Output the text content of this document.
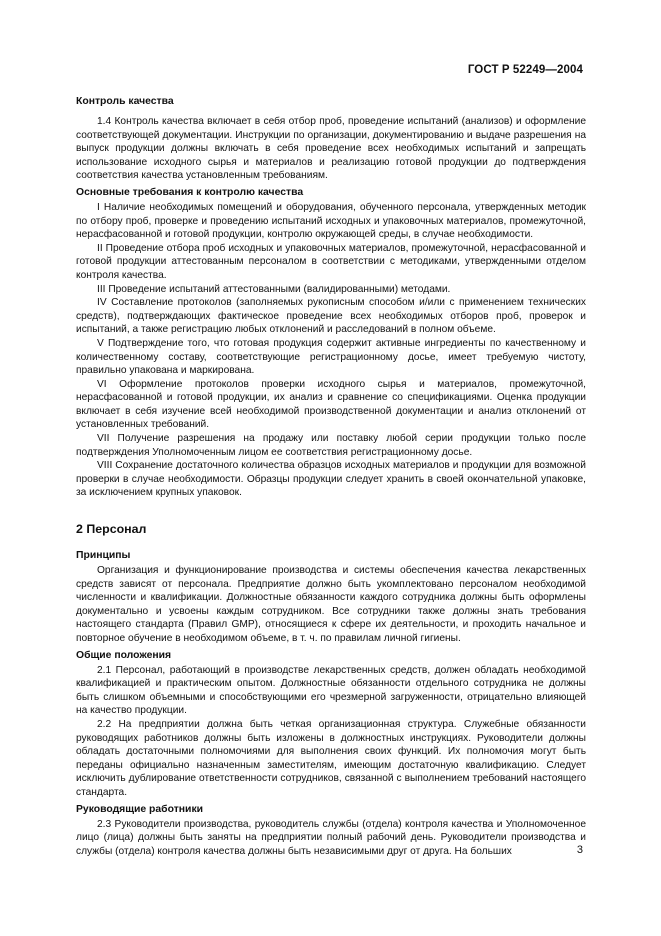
ГОСТ Р 52249—2004
Контроль качества

1.4 Контроль качества включает в себя отбор проб, проведение испытаний (анализов) и оформление соответствующей документации. Инструкции по организации, документированию и выдаче разрешения на выпуск продукции должны включать в себя проведение всех необходимых испытаний и запрещать использование исходного сырья и материалов и реализацию готовой продукции до подтверждения соответствия качества установленным требованиям.

Основные требования к контролю качества

I Наличие необходимых помещений и оборудования, обученного персонала, утвержденных методик по отбору проб, проверке и проведению испытаний исходных и упаковочных материалов, промежуточной, нерасфасованной и готовой продукции, контролю окружающей среды, в случае необходимости.

II Проведение отбора проб исходных и упаковочных материалов, промежуточной, нерасфасованной и готовой продукции аттестованным персоналом в соответствии с методиками, утвержденными отделом контроля качества.

III Проведение испытаний аттестованными (валидированными) методами.

IV Составление протоколов (заполняемых рукописным способом и/или с применением технических средств), подтверждающих фактическое проведение всех необходимых отборов проб, проверок и испытаний, а также регистрацию любых отклонений и расследований в полном объеме.

V Подтверждение того, что готовая продукция содержит активные ингредиенты по качественному и количественному составу, соответствующие регистрационному досье, имеет требуемую чистоту, правильно упакована и маркирована.

VI Оформление протоколов проверки исходного сырья и материалов, промежуточной, нерасфасованной и готовой продукции, их анализ и сравнение со спецификациями. Оценка продукции включает в себя изучение всей необходимой производственной документации и анализ отклонений от установленных требований.

VII Получение разрешения на продажу или поставку любой серии продукции только после подтверждения Уполномоченным лицом ее соответствия регистрационному досье.

VIII Сохранение достаточного количества образцов исходных материалов и продукции для возможной проверки в случае необходимости. Образцы продукции следует хранить в своей окончательной упаковке, за исключением крупных упаковок.

2 Персонал
Принципы

Организация и функционирование производства и системы обеспечения качества лекарственных средств зависят от персонала. Предприятие должно быть укомплектовано персоналом необходимой численности и квалификации. Должностные обязанности каждого сотрудника должны быть оформлены документально и усвоены каждым сотрудником. Все сотрудники также должны знать требования настоящего стандарта (Правил GMP), относящиеся к сфере их деятельности, и проходить начальное и повторное обучение в необходимом объеме, в т. ч. по правилам личной гигиены.

Общие положения

2.1 Персонал, работающий в производстве лекарственных средств, должен обладать необходимой квалификацией и практическим опытом. Должностные обязанности отдельного сотрудника не должны быть слишком объемными и способствующими его чрезмерной загруженности, отрицательно влияющей на качество продукции.

2.2 На предприятии должна быть четкая организационная структура. Служебные обязанности руководящих работников должны быть изложены в должностных инструкциях. Руководители должны обладать достаточными полномочиями для выполнения своих функций. Их полномочия могут быть переданы официально назначенным заместителям, имеющим достаточную квалификацию. Следует исключить дублирование ответственности сотрудников, связанной с выполнением требований настоящего стандарта.

Руководящие работники

2.3 Руководители производства, руководитель службы (отдела) контроля качества и Уполномоченное лицо (лица) должны быть заняты на предприятии полный рабочий день. Руководители производства и службы (отдела) контроля качества должны быть независимыми друг от друга. На больших	3
